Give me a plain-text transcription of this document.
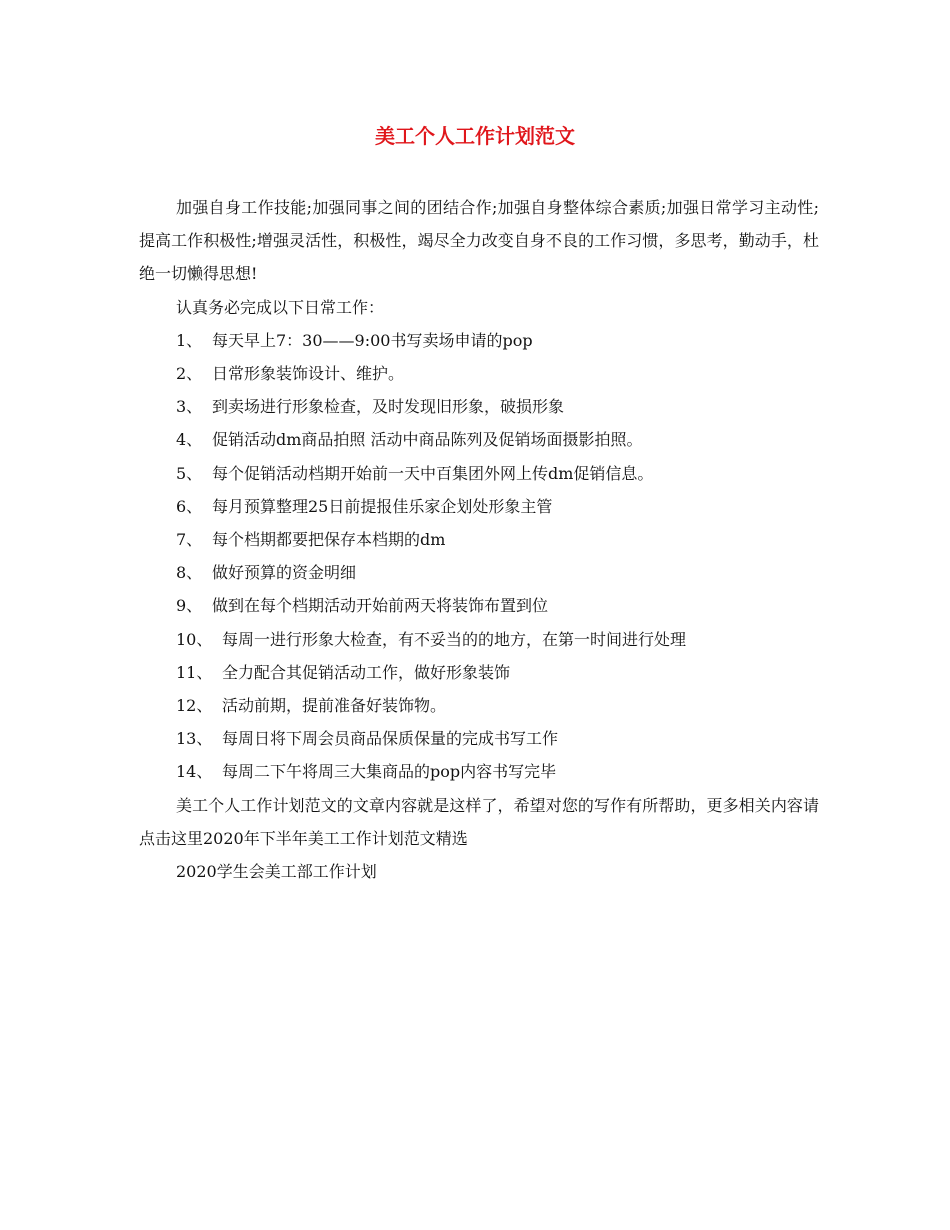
美工个人工作计划范文

加强自身工作技能;加强同事之间的团结合作;加强自身整体综合素质;加强日常学习主动性;提高工作积极性;增强灵活性，积极性，竭尽全力改变自身不良的工作习惯，多思考，勤动手，杜绝一切懒得思想!

认真务必完成以下日常工作：

1、 每天早上7：30——9:00书写卖场申请的pop
2、 日常形象装饰设计、维护。
3、 到卖场进行形象检查，及时发现旧形象，破损形象
4、 促销活动dm商品拍照 活动中商品陈列及促销场面摄影拍照。
5、 每个促销活动档期开始前一天中百集团外网上传dm促销信息。
6、 每月预算整理25日前提报佳乐家企划处形象主管
7、 每个档期都要把保存本档期的dm
8、 做好预算的资金明细
9、 做到在每个档期活动开始前两天将装饰布置到位
10、 每周一进行形象大检查，有不妥当的的地方，在第一时间进行处理
11、 全力配合其促销活动工作，做好形象装饰
12、 活动前期，提前准备好装饰物。
13、 每周日将下周会员商品保质保量的完成书写工作
14、 每周二下午将周三大集商品的pop内容书写完毕

美工个人工作计划范文的文章内容就是这样了，希望对您的写作有所帮助，更多相关内容请点击这里2020年下半年美工工作计划范文精选

2020学生会美工部工作计划
